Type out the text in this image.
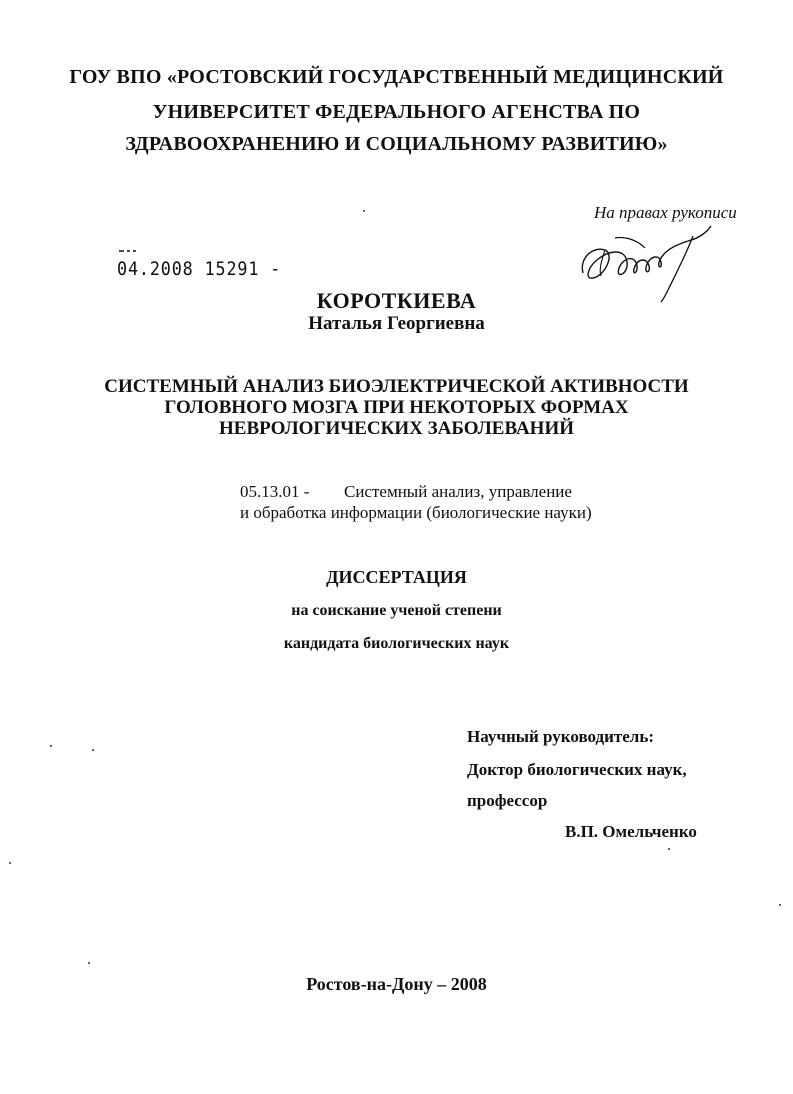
ГОУ ВПО «РОСТОВСКИЙ ГОСУДАРСТВЕННЫЙ МЕДИЦИНСКИЙ
УНИВЕРСИТЕТ ФЕДЕРАЛЬНОГО АГЕНСТВА ПО
ЗДРАВООХРАНЕНИЮ И СОЦИАЛЬНОМУ РАЗВИТИЮ»
На правах рукописи
04.2008 15291 -
КОРОТКИЕВА
Наталья Георгиевна
СИСТЕМНЫЙ АНАЛИЗ БИОЭЛЕКТРИЧЕСКОЙ АКТИВНОСТИ
ГОЛОВНОГО МОЗГА ПРИ НЕКОТОРЫХ ФОРМАХ
НЕВРОЛОГИЧЕСКИХ ЗАБОЛЕВАНИЙ
05.13.01 - Системный анализ, управление
и обработка информации (биологические науки)
ДИССЕРТАЦИЯ
на соискание ученой степени
кандидата биологических наук
Научный руководитель:
Доктор биологических наук,
профессор
В.П. Омельченко
Ростов-на-Дону – 2008
